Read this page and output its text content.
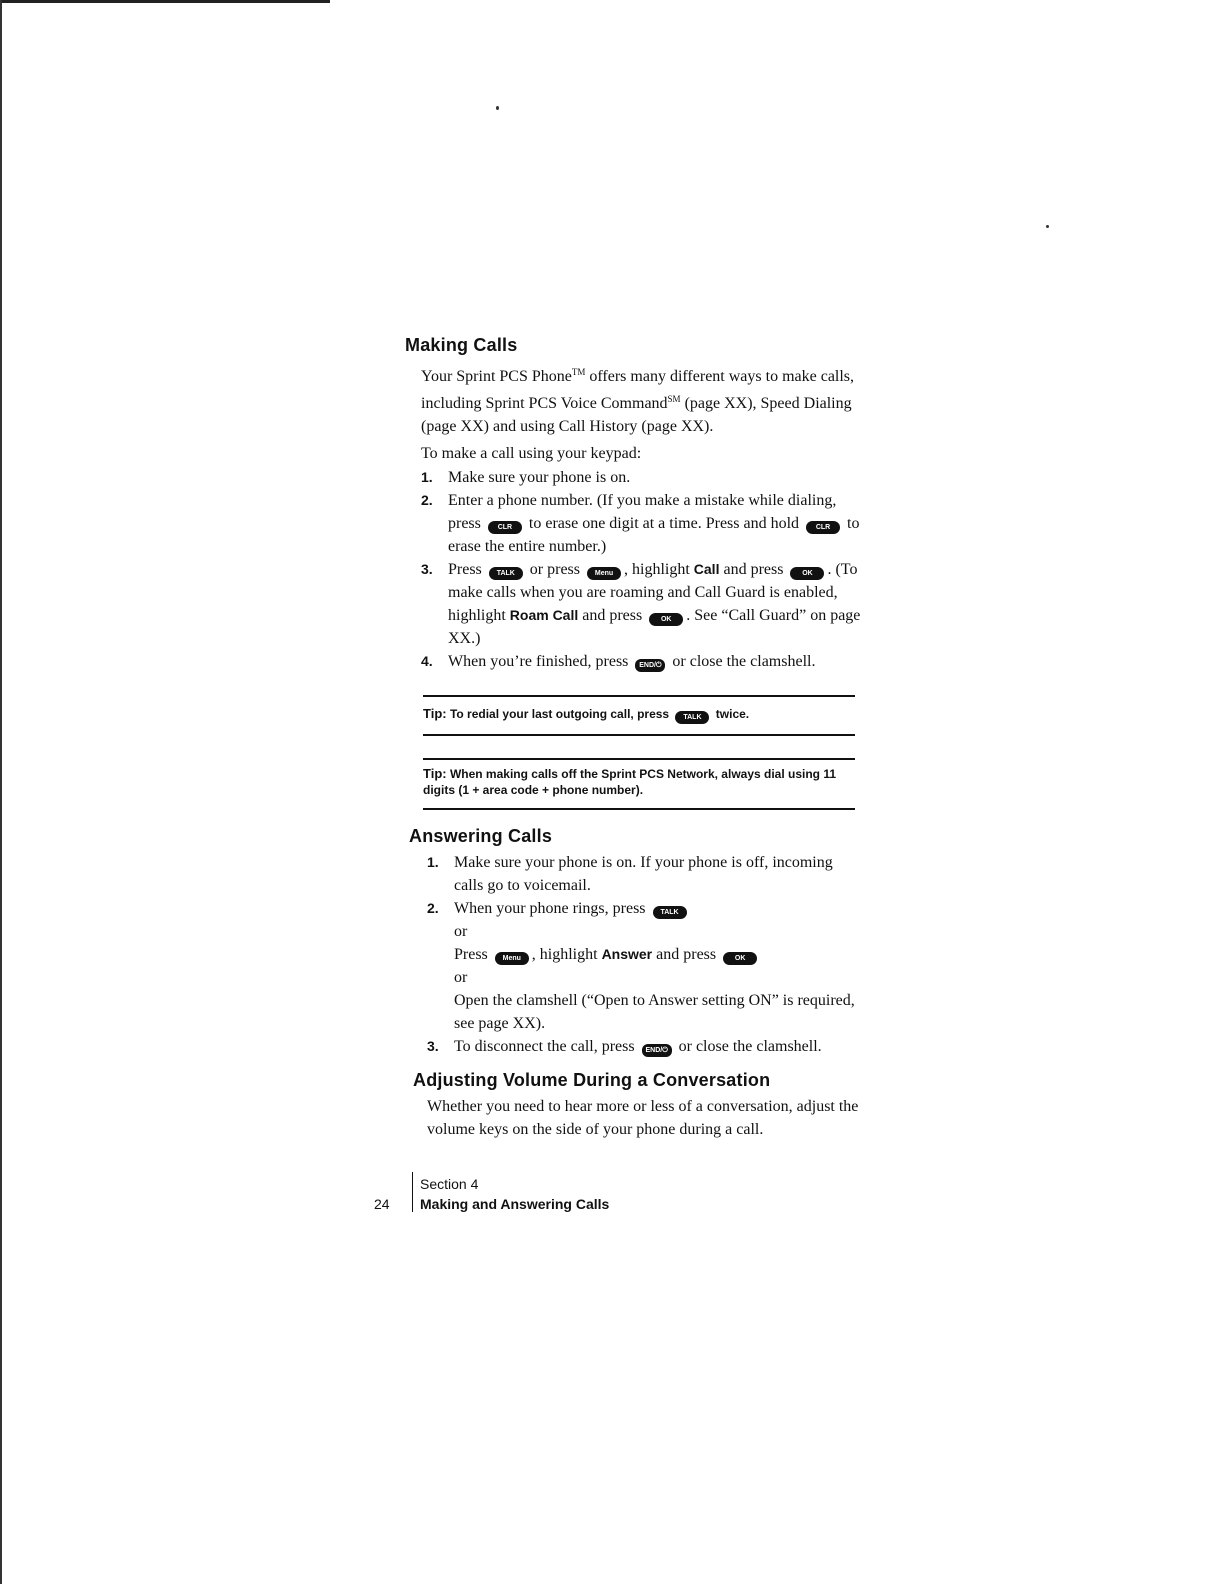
Making Calls
Your Sprint PCS Phone™ offers many different ways to make calls, including Sprint PCS Voice Command℠ (page XX), Speed Dialing (page XX) and using Call History (page XX).
To make a call using your keypad:
1. Make sure your phone is on.
2. Enter a phone number. (If you make a mistake while dialing, press CLR to erase one digit at a time. Press and hold CLR to erase the entire number.)
3. Press TALK or press Menu , highlight Call and press	OK . (To make calls when you are roaming and Call Guard is enabled, highlight Roam Call and press	OK . See “Call Guard” on page XX.)
4. When you’re finished, press END/⏻ or close the clamshell.
Tip: To redial your last outgoing call, press TALK twice.
Tip: When making calls off the Sprint PCS Network, always dial using 11 digits (1 + area code + phone number).
Answering Calls
1. Make sure your phone is on. If your phone is off, incoming calls go to voicemail.
2. When your phone rings, press TALK
or
Press Menu , highlight Answer and press	OK
or
Open the clamshell (“Open to Answer setting ON” is required, see page XX).
3. To disconnect the call, press END/⏻ or close the clamshell.
Adjusting Volume During a Conversation
Whether you need to hear more or less of a conversation, adjust the volume keys on the side of your phone during a call.
24
Section 4
Making and Answering Calls
